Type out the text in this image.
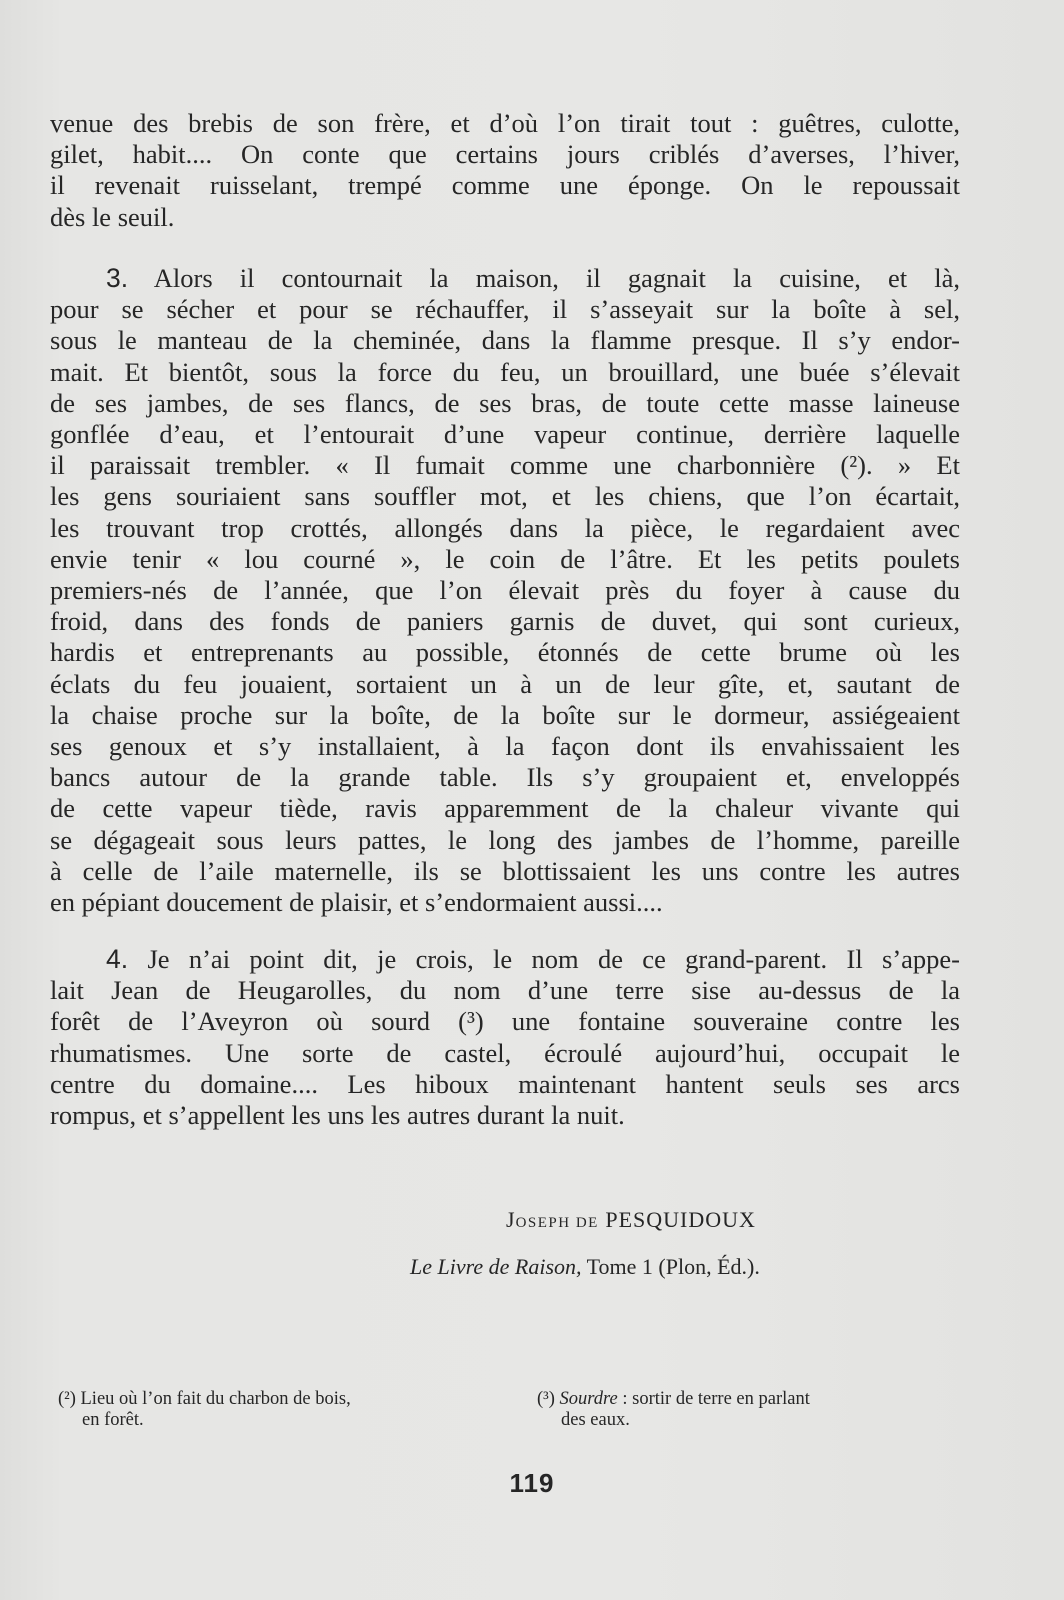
venue des brebis de son frère, et d’où l’on tirait tout : guêtres, culotte,
gilet, habit.... On conte que certains jours criblés d’averses, l’hiver,
il revenait ruisselant, trempé comme une éponge. On le repoussait
dès le seuil.
3. Alors il contournait la maison, il gagnait la cuisine, et là,
pour se sécher et pour se réchauffer, il s’asseyait sur la boîte à sel,
sous le manteau de la cheminée, dans la flamme presque. Il s’y endor-
mait. Et bientôt, sous la force du feu, un brouillard, une buée s’élevait
de ses jambes, de ses flancs, de ses bras, de toute cette masse laineuse
gonflée d’eau, et l’entourait d’une vapeur continue, derrière laquelle
il paraissait trembler. « Il fumait comme une charbonnière (²). » Et
les gens souriaient sans souffler mot, et les chiens, que l’on écartait,
les trouvant trop crottés, allongés dans la pièce, le regardaient avec
envie tenir « lou courné », le coin de l’âtre. Et les petits poulets
premiers-nés de l’année, que l’on élevait près du foyer à cause du
froid, dans des fonds de paniers garnis de duvet, qui sont curieux,
hardis et entreprenants au possible, étonnés de cette brume où les
éclats du feu jouaient, sortaient un à un de leur gîte, et, sautant de
la chaise proche sur la boîte, de la boîte sur le dormeur, assiégeaient
ses genoux et s’y installaient, à la façon dont ils envahissaient les
bancs autour de la grande table. Ils s’y groupaient et, enveloppés
de cette vapeur tiède, ravis apparemment de la chaleur vivante qui
se dégageait sous leurs pattes, le long des jambes de l’homme, pareille
à celle de l’aile maternelle, ils se blottissaient les uns contre les autres
en pépiant doucement de plaisir, et s’endormaient aussi....
4. Je n’ai point dit, je crois, le nom de ce grand-parent. Il s’appe-
lait Jean de Heugarolles, du nom d’une terre sise au-dessus de la
forêt de l’Aveyron où sourd (³) une fontaine souveraine contre les
rhumatismes. Une sorte de castel, écroulé aujourd’hui, occupait le
centre du domaine.... Les hiboux maintenant hantent seuls ses arcs
rompus, et s’appellent les uns les autres durant la nuit.
JOSEPH DE PESQUIDOUX
Le Livre de Raison, Tome 1 (Plon, Éd.).
(²) Lieu où l’on fait du charbon de bois,
en forêt.
(³) Sourdre : sortir de terre en parlant
des eaux.
119
